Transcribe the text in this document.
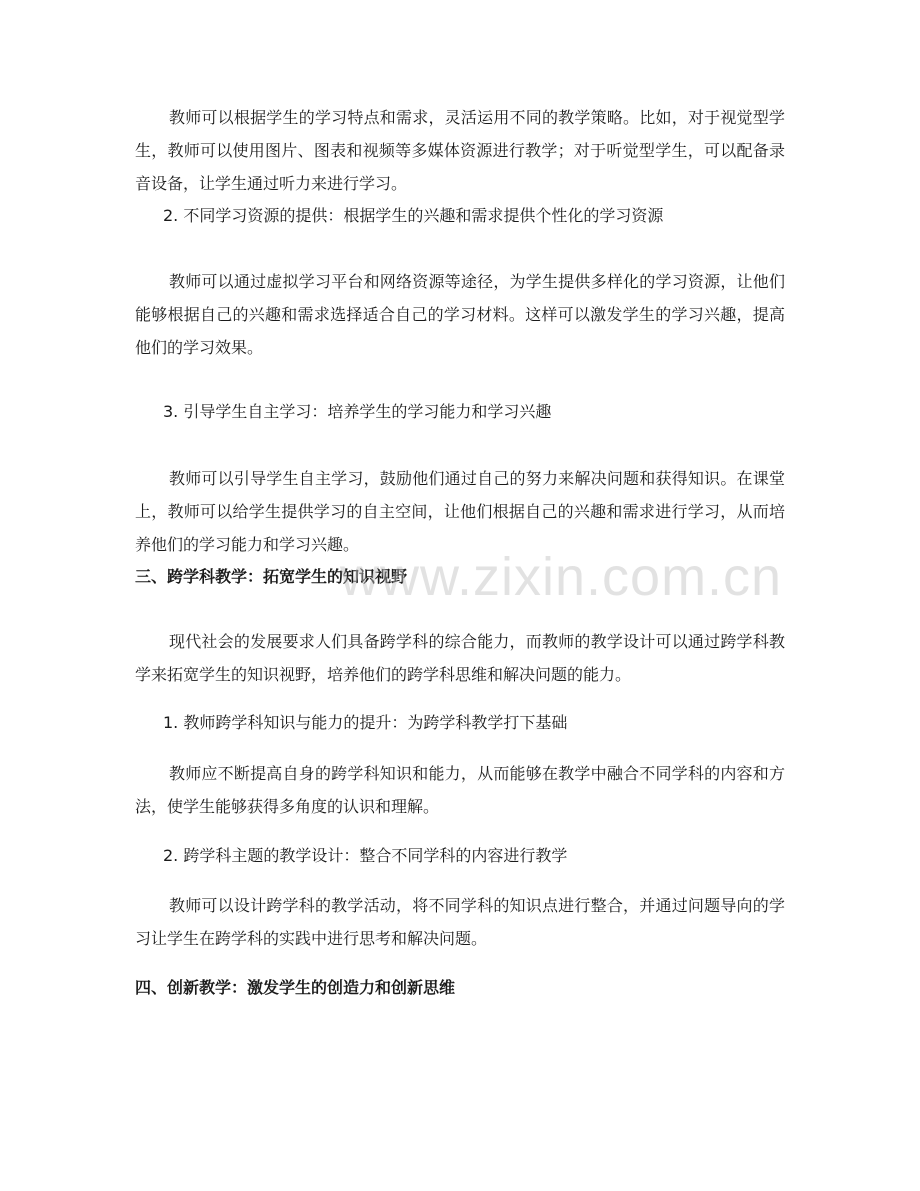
教师可以根据学生的学习特点和需求，灵活运用不同的教学策略。比如，对于视觉型学生，教师可以使用图片、图表和视频等多媒体资源进行教学；对于听觉型学生，可以配备录音设备，让学生通过听力来进行学习。

2. 不同学习资源的提供：根据学生的兴趣和需求提供个性化的学习资源

教师可以通过虚拟学习平台和网络资源等途径，为学生提供多样化的学习资源，让他们能够根据自己的兴趣和需求选择适合自己的学习材料。这样可以激发学生的学习兴趣，提高他们的学习效果。

3. 引导学生自主学习：培养学生的学习能力和学习兴趣

教师可以引导学生自主学习，鼓励他们通过自己的努力来解决问题和获得知识。在课堂上，教师可以给学生提供学习的自主空间，让他们根据自己的兴趣和需求进行学习，从而培养他们的学习能力和学习兴趣。

三、跨学科教学：拓宽学生的知识视野

现代社会的发展要求人们具备跨学科的综合能力，而教师的教学设计可以通过跨学科教学来拓宽学生的知识视野，培养他们的跨学科思维和解决问题的能力。

1. 教师跨学科知识与能力的提升：为跨学科教学打下基础

教师应不断提高自身的跨学科知识和能力，从而能够在教学中融合不同学科的内容和方法，使学生能够获得多角度的认识和理解。

2. 跨学科主题的教学设计：整合不同学科的内容进行教学

教师可以设计跨学科的教学活动，将不同学科的知识点进行整合，并通过问题导向的学习让学生在跨学科的实践中进行思考和解决问题。

四、创新教学：激发学生的创造力和创新思维

www.zixin.com.cn
